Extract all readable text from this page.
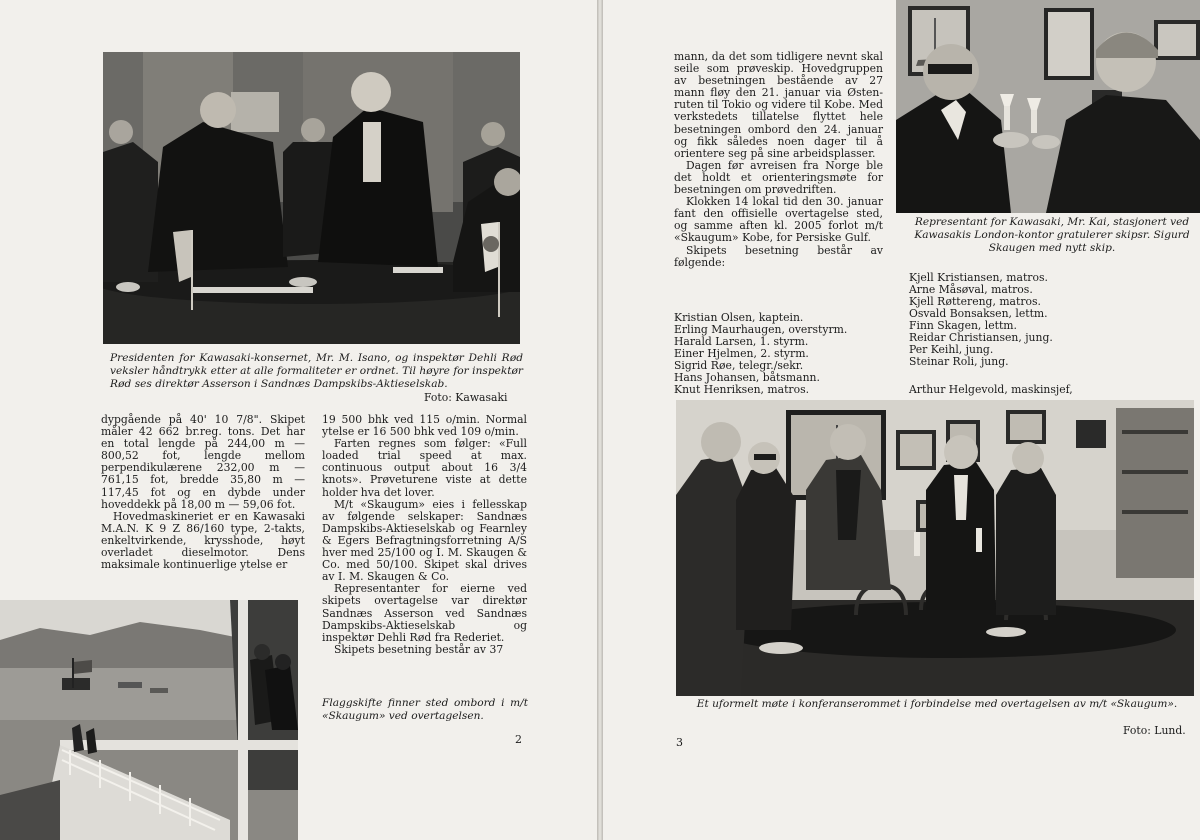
Presidenten for Kawasaki-konsernet, Mr. M. Isano, og inspektør Dehli Rød veksler håndtrykk etter at alle formaliteter er ordnet. Til høyre for inspektør Rød ses direktør Asserson i Sandnæs Dampskibs-Aktieselskab.

Foto: Kawasaki

dypgående på 40' 10 7/8". Skipet måler 42 662 br.reg. tons. Det har en total lengde på 244,00 m — 800,52 fot, lengde mellom perpendikulærene 232,00 m — 761,15 fot, bredde 35,80 m — 117,45 fot og en dybde under hoveddekk på 18,00 m — 59,06 fot.

Hovedmaskineriet er en Kawasaki M.A.N. K 9 Z 86/160 type, 2-takts, enkeltvirkende, krysshode, høyt overladet dieselmotor. Dens maksimale kontinuerlige ytelse er

19 500 bhk ved 115 o/min. Normal ytelse er 16 500 bhk ved 109 o/min.

Farten regnes som følger: «Full loaded trial speed at max. continuous output about 16 3/4 knots». Prøveturene viste at dette holder hva det lover.

M/t «Skaugum» eies i fellesskap av følgende selskaper: Sandnæs Dampskibs-Aktieselskab og Fearnley & Egers Befragtningsforretning A/S hver med 25/100 og I. M. Skaugen & Co. med 50/100. Skipet skal drives av I. M. Skaugen & Co.

Representanter for eierne ved skipets overtagelse var direktør Sandnæs Asserson ved Sandnæs Dampskibs-Aktieselskab og inspektør Dehli Rød fra Rederiet.

Skipets besetning består av 37

Flaggskifte finner sted ombord i m/t «Skaugum» ved overtagelsen.

2

mann, da det som tidligere nevnt skal seile som prøveskip. Hovedgruppen av besetningen bestående av 27 mann fløy den 21. januar via Østen-ruten til Tokio og videre til Kobe. Med verkstedets tillatelse flyttet hele besetningen ombord den 24. januar og fikk således noen dager til å orientere seg på sine arbeidsplasser.

Dagen før avreisen fra Norge ble det holdt et orienteringsmøte for besetningen om prøvedriften.

Klokken 14 lokal tid den 30. januar fant den offisielle overtagelse sted, og samme aften kl. 2005 forlot m/t «Skaugum» Kobe, for Persiske Gulf.

Skipets besetning består av følgende:

Kristian Olsen, kaptein.
Erling Maurhaugen, overstyrm.
Harald Larsen, 1. styrm.
Einer Hjelmen, 2. styrm.
Sigrid Røe, telegr./sekr.
Hans Johansen, båtsmann.
Knut Henriksen, matros.

Representant for Kawasaki, Mr. Kai, stasjonert ved Kawasakis London-kontor gratulerer skipsr. Sigurd Skaugen med nytt skip.

Kjell Kristiansen, matros.
Arne Måsøval, matros.
Kjell Røttereng, matros.
Osvald Bonsaksen, lettm.
Finn Skagen, lettm.
Reidar Christiansen, jung.
Per Keihl, jung.
Steinar Roli, jung.

Arthur Helgevold, maskinsjef,

Et uformelt møte i konferanserommet i forbindelse med overtagelsen av m/t «Skaugum».

Foto: Lund.

3
